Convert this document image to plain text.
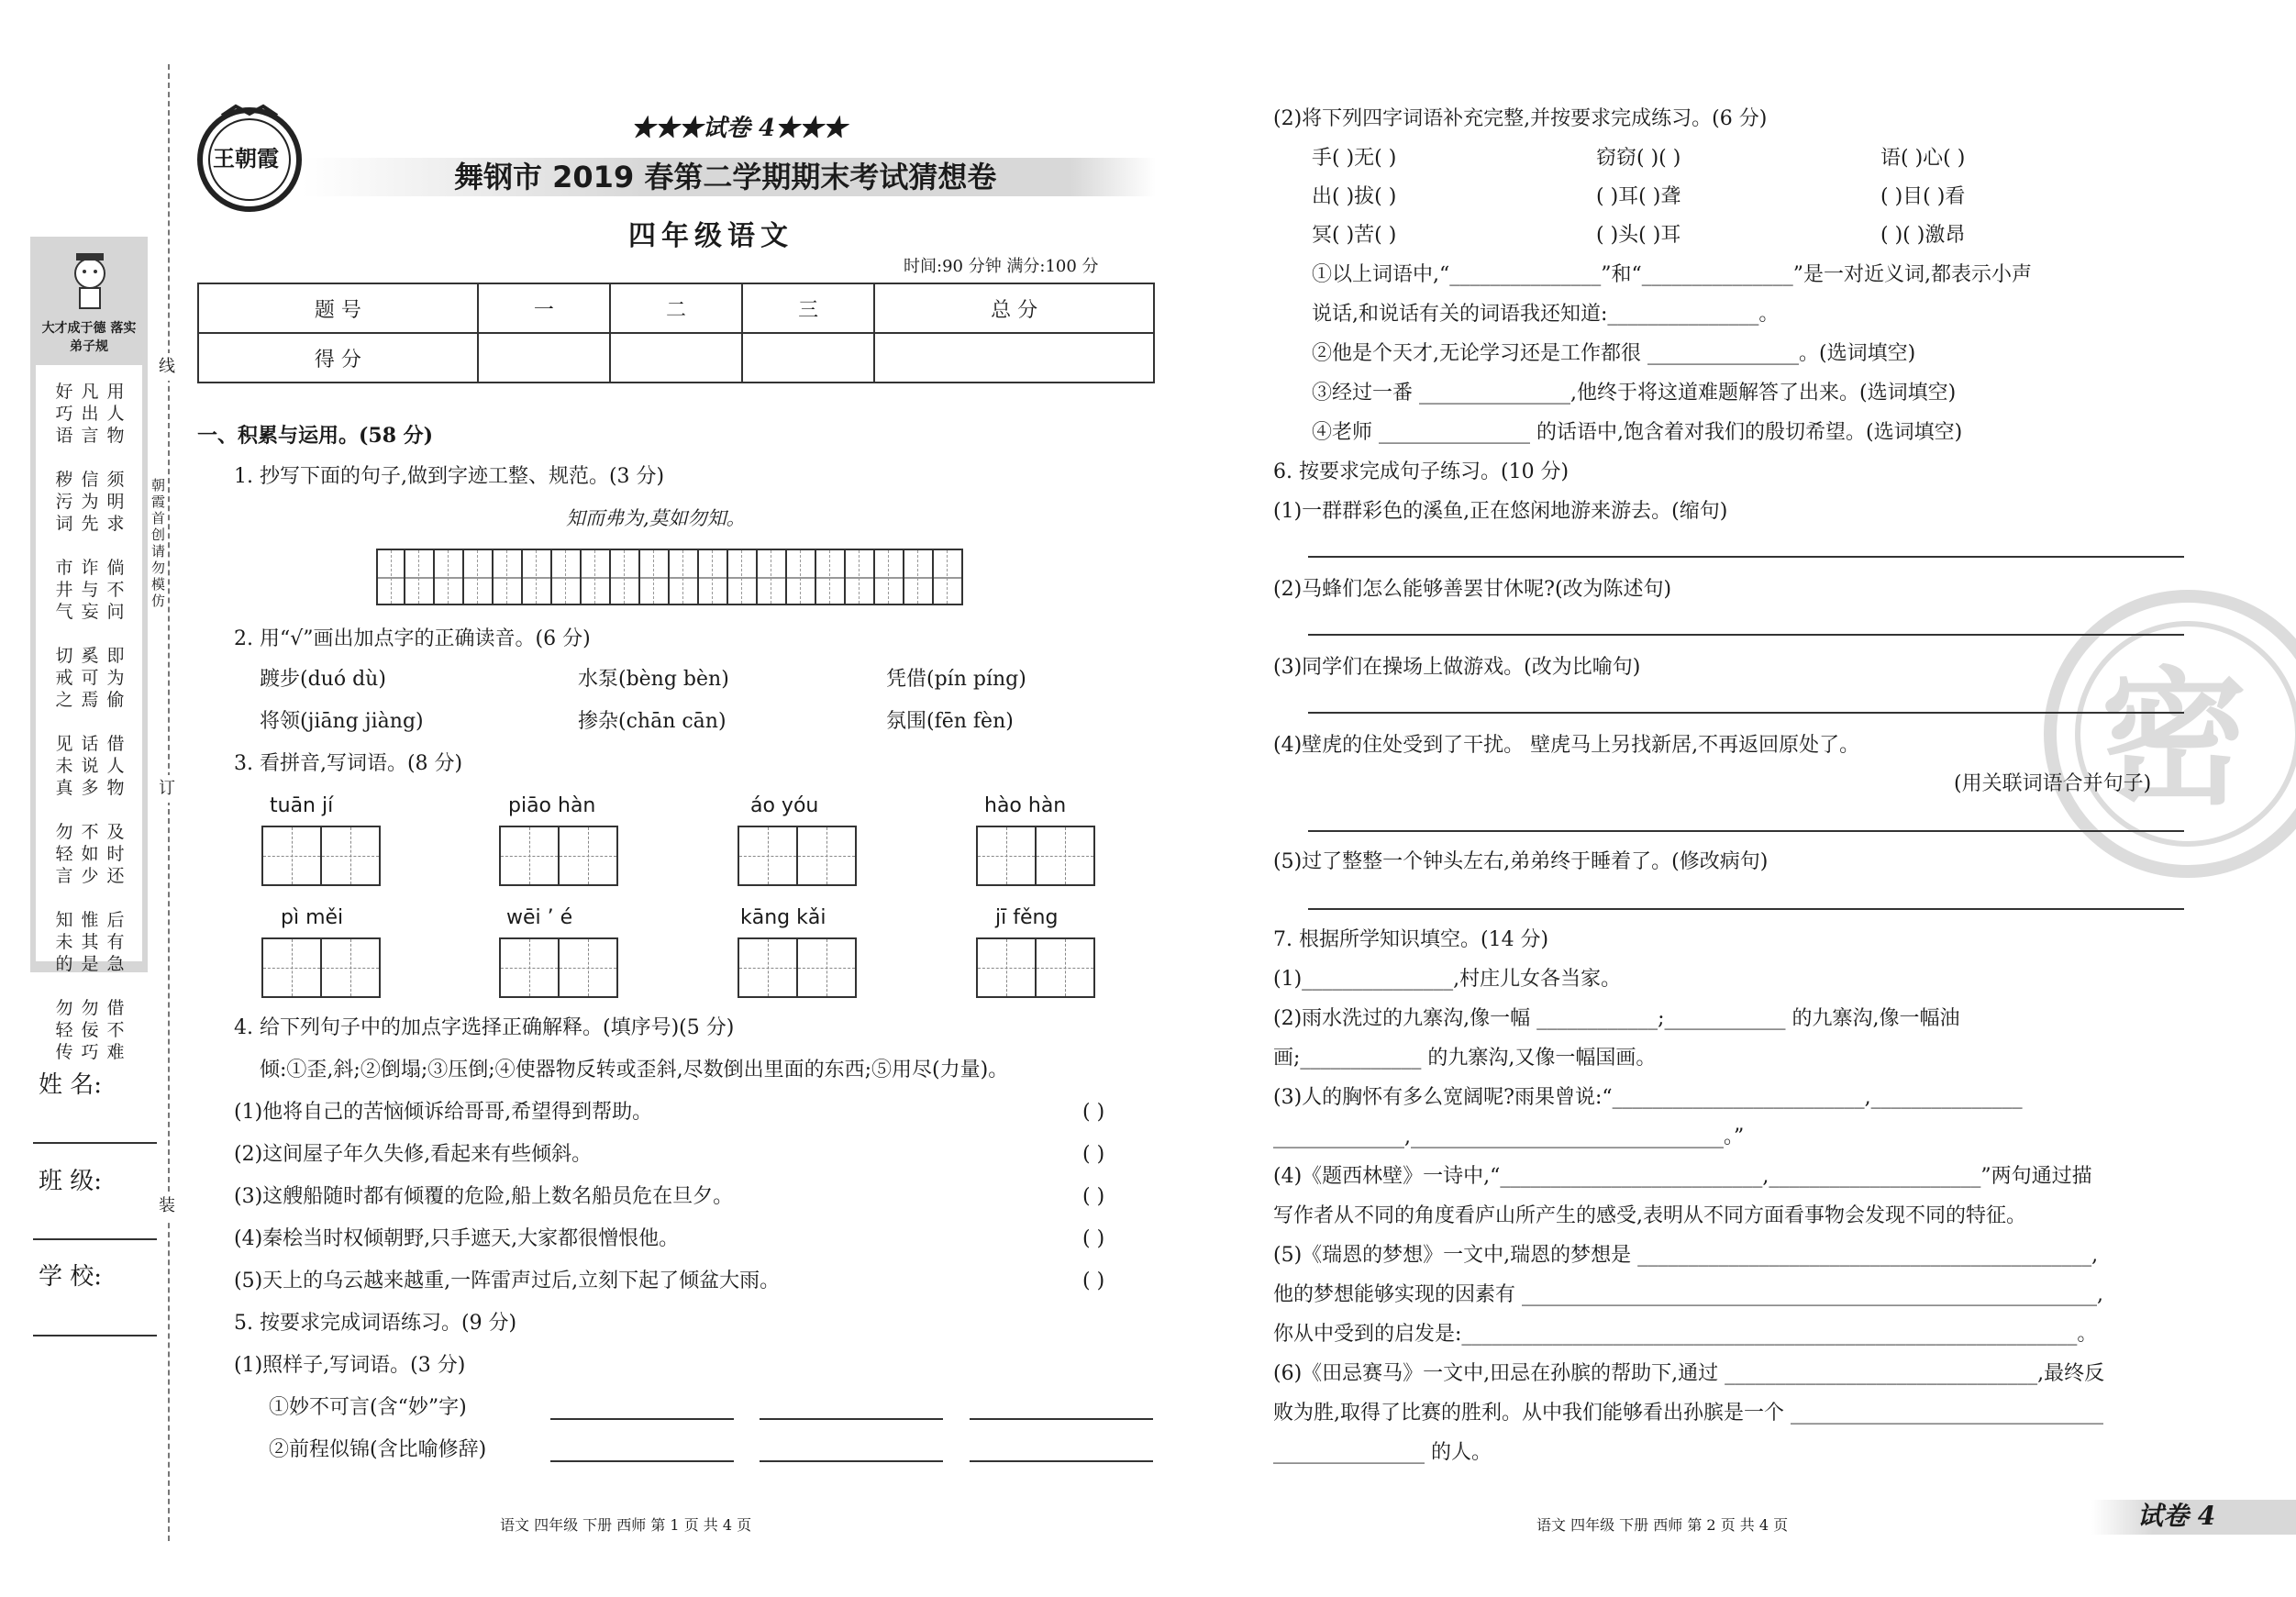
线
订
装
朝霞首创 请勿模仿
大才成于德 落实弟子规
好巧语

秽污词

市井气

切戒之

见未真

勿轻言

知未的

勿轻传
凡出言

信为先

诈与妄

奚可焉

话说多

不如少

惟其是

勿佞巧
用人物

须明求

倘不问

即为偷

借人物

及时还

后有急

借不难
姓 名:
班 级:
学 校:
王朝霞
★★★试卷 4★★★
舞钢市 2019 春第二学期期末考试猜想卷
四年级语文
时间:90 分钟 满分:100 分
题 号	一	二	三	总 分
得 分				
一、积累与运用。(58 分)
1. 抄写下面的句子,做到字迹工整、规范。(3 分)
知而弗为,莫如勿知。
2. 用“√”画出加点字的正确读音。(6 分)
踱步(duó dù)	水泵(bèng bèn)	凭借(pín píng)
将领(jiāng jiàng)	掺杂(chān cān)	氛围(fēn fèn)
3. 看拼音,写词语。(8 分)
tuān jí	piāo hàn	áo yóu	hào hàn
pì měi	wēi ’ é	kāng kǎi	jī fěng
4. 给下列句子中的加点字选择正确解释。(填序号)(5 分)
倾:①歪,斜;②倒塌;③压倒;④使器物反转或歪斜,尽数倒出里面的东西;⑤用尽(力量)。
(1)他将自己的苦恼倾诉给哥哥,希望得到帮助。	( )
(2)这间屋子年久失修,看起来有些倾斜。	( )
(3)这艘船随时都有倾覆的危险,船上数名船员危在旦夕。	( )
(4)秦桧当时权倾朝野,只手遮天,大家都很憎恨他。	( )
(5)天上的乌云越来越重,一阵雷声过后,立刻下起了倾盆大雨。	( )
5. 按要求完成词语练习。(9 分)
(1)照样子,写词语。(3 分)
①妙不可言(含“妙”字)
②前程似锦(含比喻修辞)
语文 四年级 下册 西师 第 1 页 共 4 页
密
(2)将下列四字词语补充完整,并按要求完成练习。(6 分)
手( )无( )	窃窃( )( )	语( )心( )
出( )拔( )	( )耳( )聋	( )目( )看
冥( )苦( )	( )头( )耳	( )( )激昂
①以上词语中,“_______________”和“_______________”是一对近义词,都表示小声
说话,和说话有关的词语我还知道:_______________。
②他是个天才,无论学习还是工作都很 _______________。(选词填空)
③经过一番 _______________,他终于将这道难题解答了出来。(选词填空)
④老师 _______________ 的话语中,饱含着对我们的殷切希望。(选词填空)
6. 按要求完成句子练习。(10 分)
(1)一群群彩色的溪鱼,正在悠闲地游来游去。(缩句)
(2)马蜂们怎么能够善罢甘休呢?(改为陈述句)
(3)同学们在操场上做游戏。(改为比喻句)
(4)壁虎的住处受到了干扰。 壁虎马上另找新居,不再返回原处了。
(用关联词语合并句子)
(5)过了整整一个钟头左右,弟弟终于睡着了。(修改病句)
7. 根据所学知识填空。(14 分)
(1)_______________,村庄儿女各当家。
(2)雨水洗过的九寨沟,像一幅 ____________;____________ 的九寨沟,像一幅油
画;____________ 的九寨沟,又像一幅国画。
(3)人的胸怀有多么宽阔呢?雨果曾说:“_________________________,_______________
_____________,_______________________________。”
(4)《题西林壁》一诗中,“__________________________,_____________________”两句通过描
写作者从不同的角度看庐山所产生的感受,表明从不同方面看事物会发现不同的特征。
(5)《瑞恩的梦想》一文中,瑞恩的梦想是 _____________________________________________,
他的梦想能够实现的因素有 _________________________________________________________,
你从中受到的启发是:_____________________________________________________________。
(6)《田忌赛马》一文中,田忌在孙膑的帮助下,通过 _______________________________,最终反
败为胜,取得了比赛的胜利。从中我们能够看出孙膑是一个 _______________________________
_______________ 的人。
语文 四年级 下册 西师 第 2 页 共 4 页	试卷 4
